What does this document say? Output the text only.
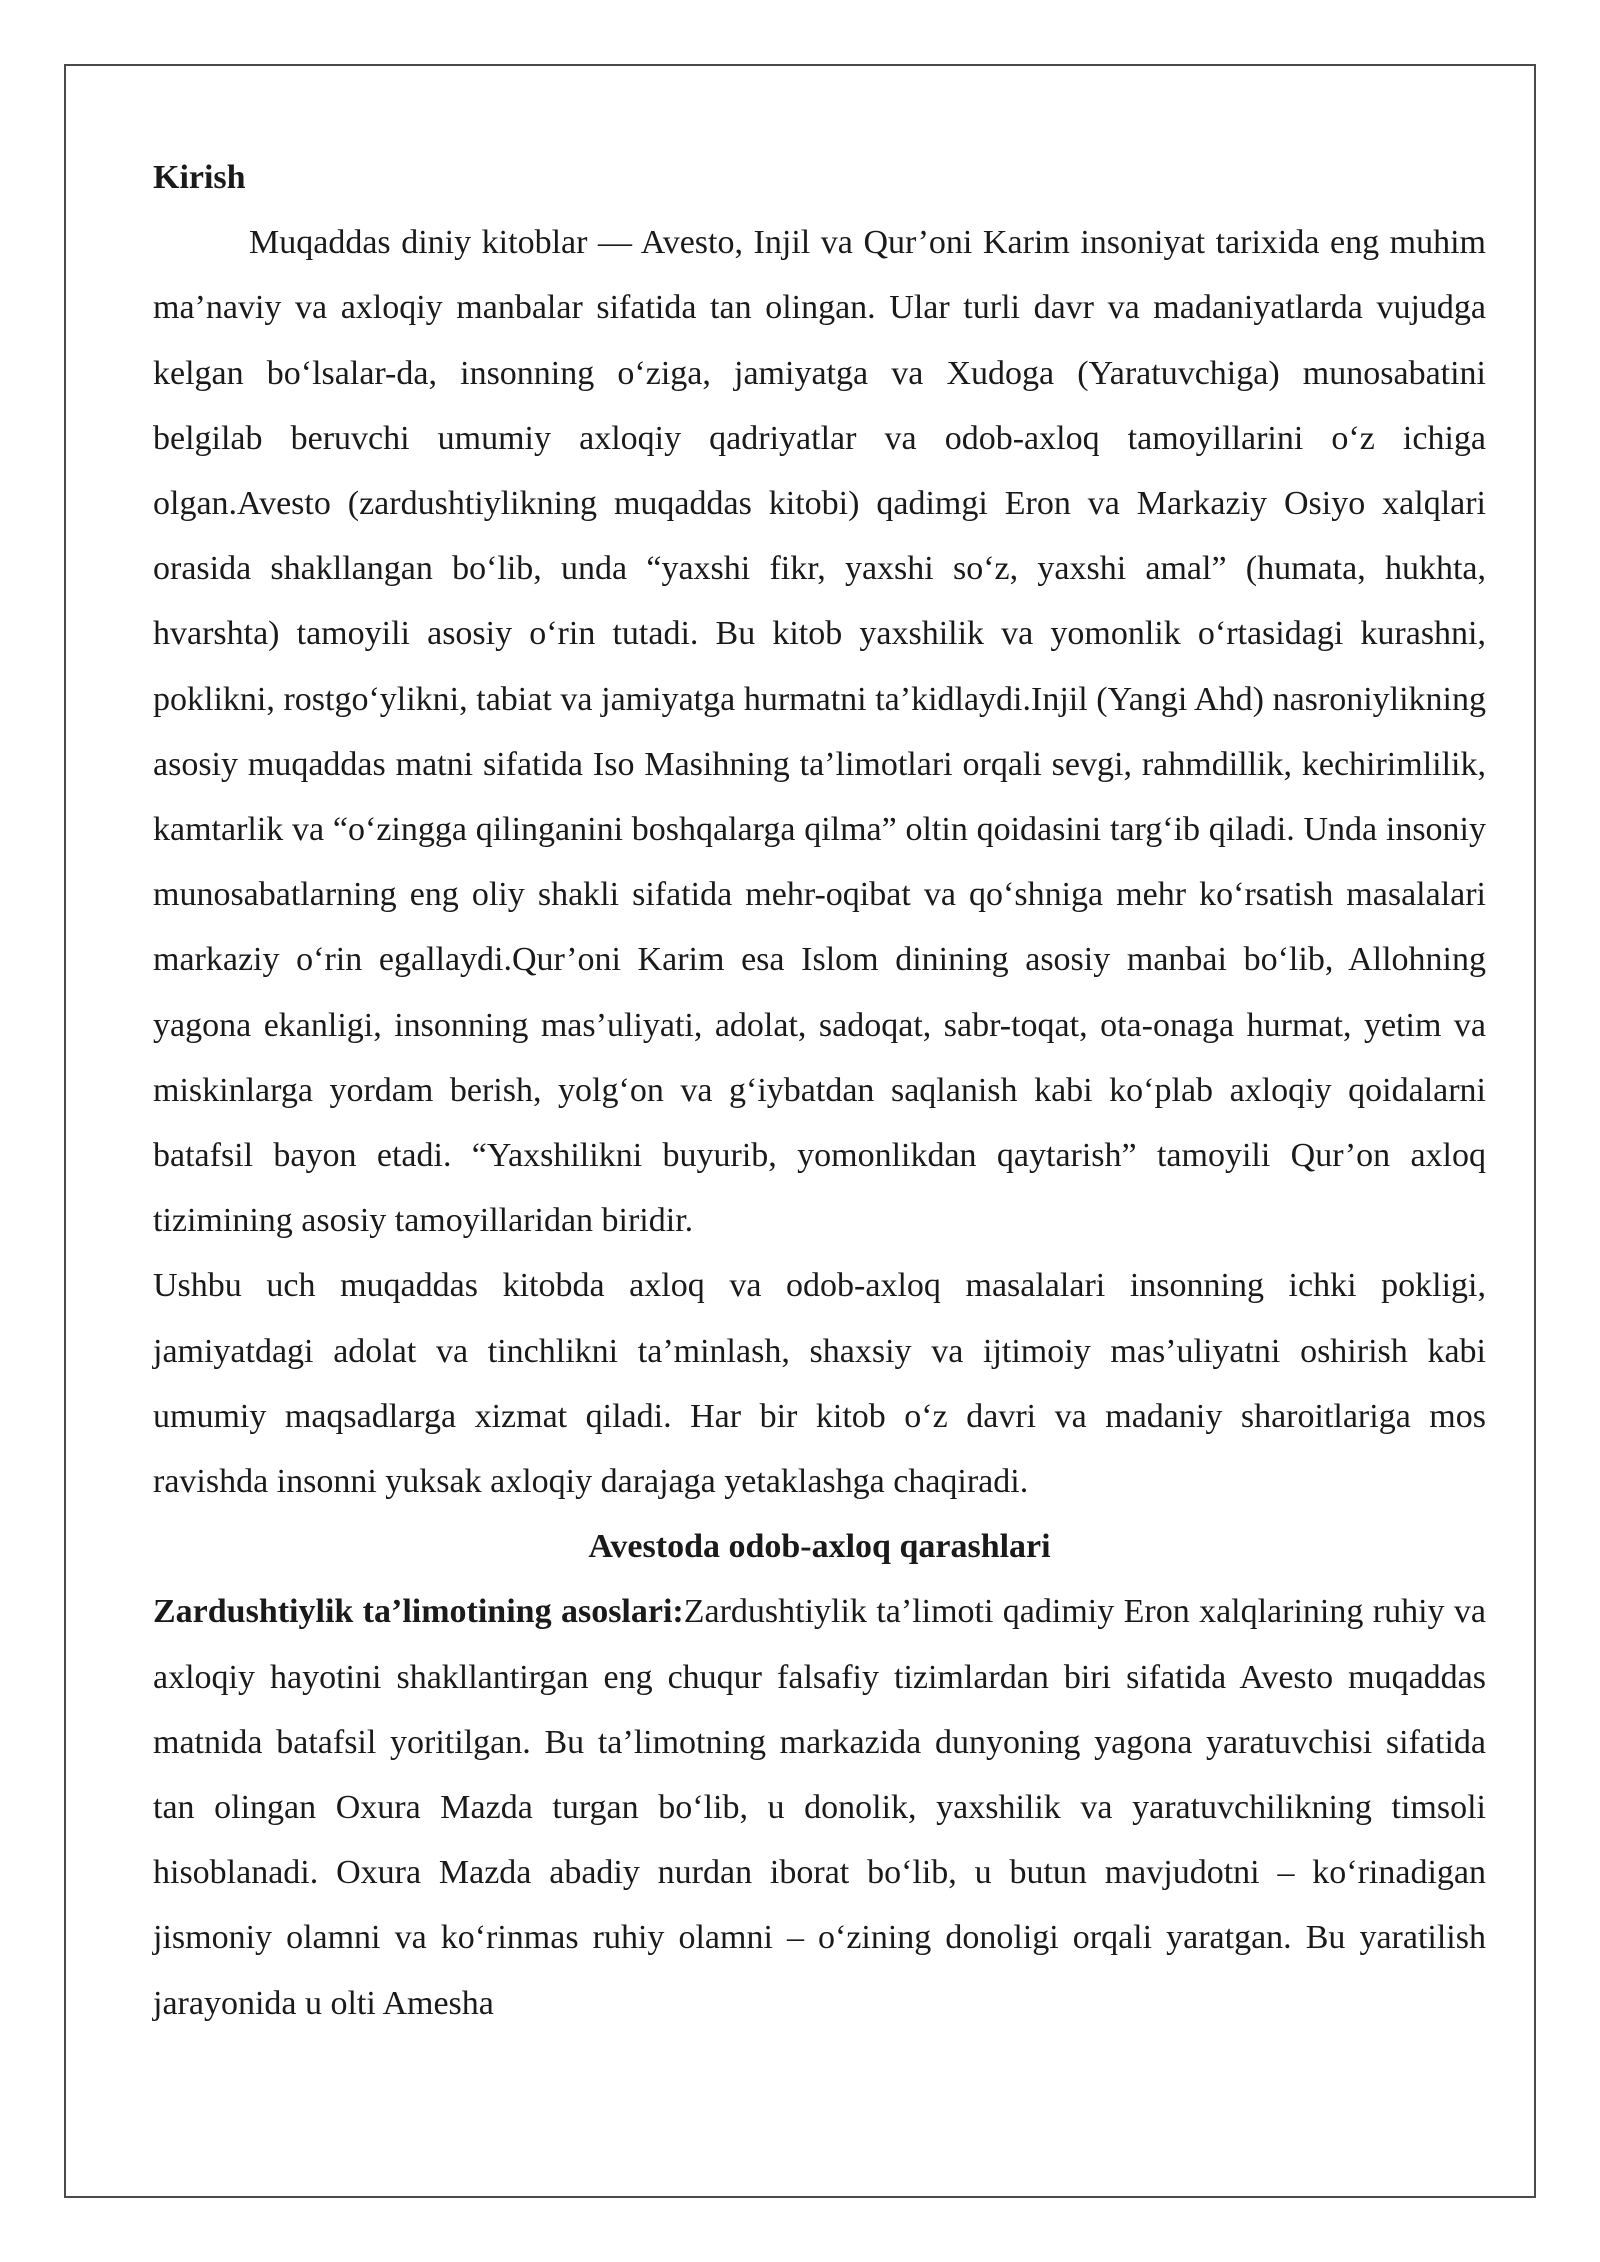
Kirish

Muqaddas diniy kitoblar — Avesto, Injil va Qur’oni Karim insoniyat tarixida eng muhim ma’naviy va axloqiy manbalar sifatida tan olingan. Ular turli davr va madaniyatlarda vujudga kelgan boʻlsalar-da, insonning oʻziga, jamiyatga va Xudoga (Yaratuvchiga) munosabatini belgilab beruvchi umumiy axloqiy qadriyatlar va odob-axloq tamoyillarini oʻz ichiga olgan.Avesto (zardushtiylikning muqaddas kitobi) qadimgi Eron va Markaziy Osiyo xalqlari orasida shakllangan boʻlib, unda “yaxshi fikr, yaxshi soʻz, yaxshi amal” (humata, hukhta, hvarshta) tamoyili asosiy oʻrin tutadi. Bu kitob yaxshilik va yomonlik oʻrtasidagi kurashni, poklikni, rostgoʻylikni, tabiat va jamiyatga hurmatni ta’kidlaydi.Injil (Yangi Ahd) nasroniylikning asosiy muqaddas matni sifatida Iso Masihning ta’limotlari orqali sevgi, rahmdillik, kechirimlilik, kamtarlik va “oʻzingga qilinganini boshqalarga qilma” oltin qoidasini targʻib qiladi. Unda insoniy munosabatlarning eng oliy shakli sifatida mehr-oqibat va qoʻshniga mehr koʻrsatish masalalari markaziy oʻrin egallaydi.Qur’oni Karim esa Islom dinining asosiy manbai boʻlib, Allohning yagona ekanligi, insonning mas’uliyati, adolat, sadoqat, sabr-toqat, ota-onaga hurmat, yetim va miskinlarga yordam berish, yolgʻon va gʻiybatdan saqlanish kabi koʻplab axloqiy qoidalarni batafsil bayon etadi. “Yaxshilikni buyurib, yomonlikdan qaytarish” tamoyili Qur’on axloq tizimining asosiy tamoyillaridan biridir.

Ushbu uch muqaddas kitobda axloq va odob-axloq masalalari insonning ichki pokligi, jamiyatdagi adolat va tinchlikni ta’minlash, shaxsiy va ijtimoiy mas’uliyatni oshirish kabi umumiy maqsadlarga xizmat qiladi. Har bir kitob oʻz davri va madaniy sharoitlariga mos ravishda insonni yuksak axloqiy darajaga yetaklashga chaqiradi.

Avestoda odob-axloq qarashlari

Zardushtiylik ta’limotining asoslari:Zardushtiylik ta’limoti qadimiy Eron xalqlarining ruhiy va axloqiy hayotini shakllantirgan eng chuqur falsafiy tizimlardan biri sifatida Avesto muqaddas matnida batafsil yoritilgan. Bu ta’limotning markazida dunyoning yagona yaratuvchisi sifatida tan olingan Oxura Mazda turgan boʻlib, u donolik, yaxshilik va yaratuvchilikning timsoli hisoblanadi. Oxura Mazda abadiy nurdan iborat boʻlib, u butun mavjudotni – koʻrinadigan jismoniy olamni va koʻrinmas ruhiy olamni – oʻzining donoligi orqali yaratgan. Bu yaratilish jarayonida u olti Amesha
